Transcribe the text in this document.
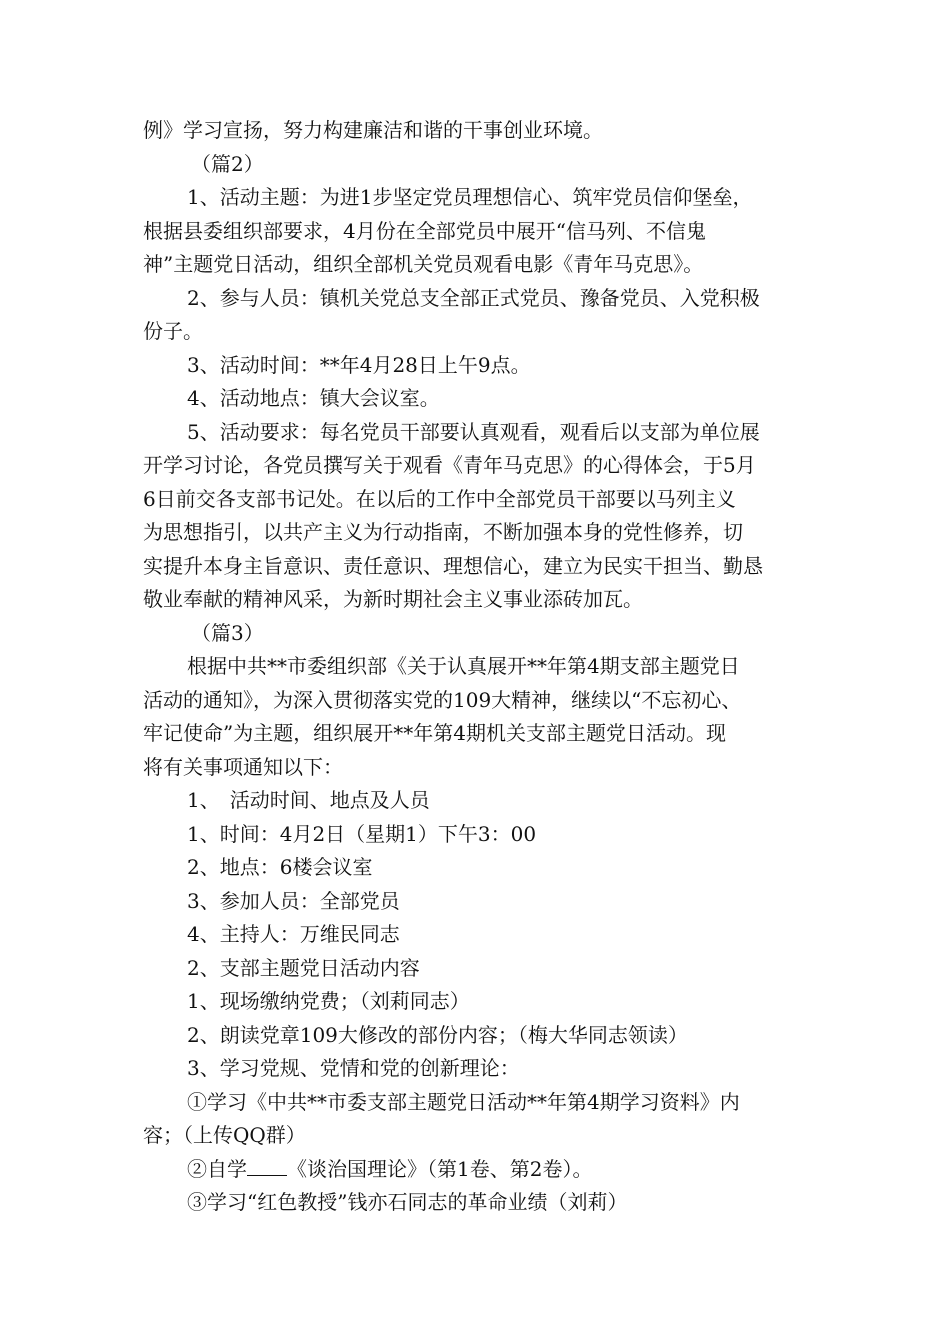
例》学习宣扬，努力构建廉洁和谐的干事创业环境。
（篇2）
1、活动主题：为进1步坚定党员理想信心、筑牢党员信仰堡垒，
根据县委组织部要求，4月份在全部党员中展开“信马列、不信鬼
神”主题党日活动，组织全部机关党员观看电影《青年马克思》。
2、参与人员：镇机关党总支全部正式党员、豫备党员、入党积极
份子。
3、活动时间：**年4月28日上午9点。
4、活动地点：镇大会议室。
5、活动要求：每名党员干部要认真观看，观看后以支部为单位展
开学习讨论，各党员撰写关于观看《青年马克思》的心得体会，于5月
6日前交各支部书记处。在以后的工作中全部党员干部要以马列主义
为思想指引，以共产主义为行动指南，不断加强本身的党性修养，切
实提升本身主旨意识、责任意识、理想信心，建立为民实干担当、勤恳
敬业奉献的精神风采，为新时期社会主义事业添砖加瓦。
（篇3）
根据中共**市委组织部《关于认真展开**年第4期支部主题党日
活动的通知》，为深入贯彻落实党的109大精神，继续以“不忘初心、
牢记使命”为主题，组织展开**年第4期机关支部主题党日活动。现
将有关事项通知以下：
1、　活动时间、地点及人员
1、时间：4月2日（星期1）下午3：00
2、地点：6楼会议室
3、参加人员：全部党员
4、主持人：万维民同志
2、支部主题党日活动内容
1、现场缴纳党费；（刘莉同志）
2、朗读党章109大修改的部份内容；（梅大华同志领读）
3、学习党规、党情和党的创新理论：
①学习《中共**市委支部主题党日活动**年第4期学习资料》内
容；（上传QQ群）
②自学 《谈治国理论》（第1卷、第2卷）。
③学习“红色教授”钱亦石同志的革命业绩（刘莉）
